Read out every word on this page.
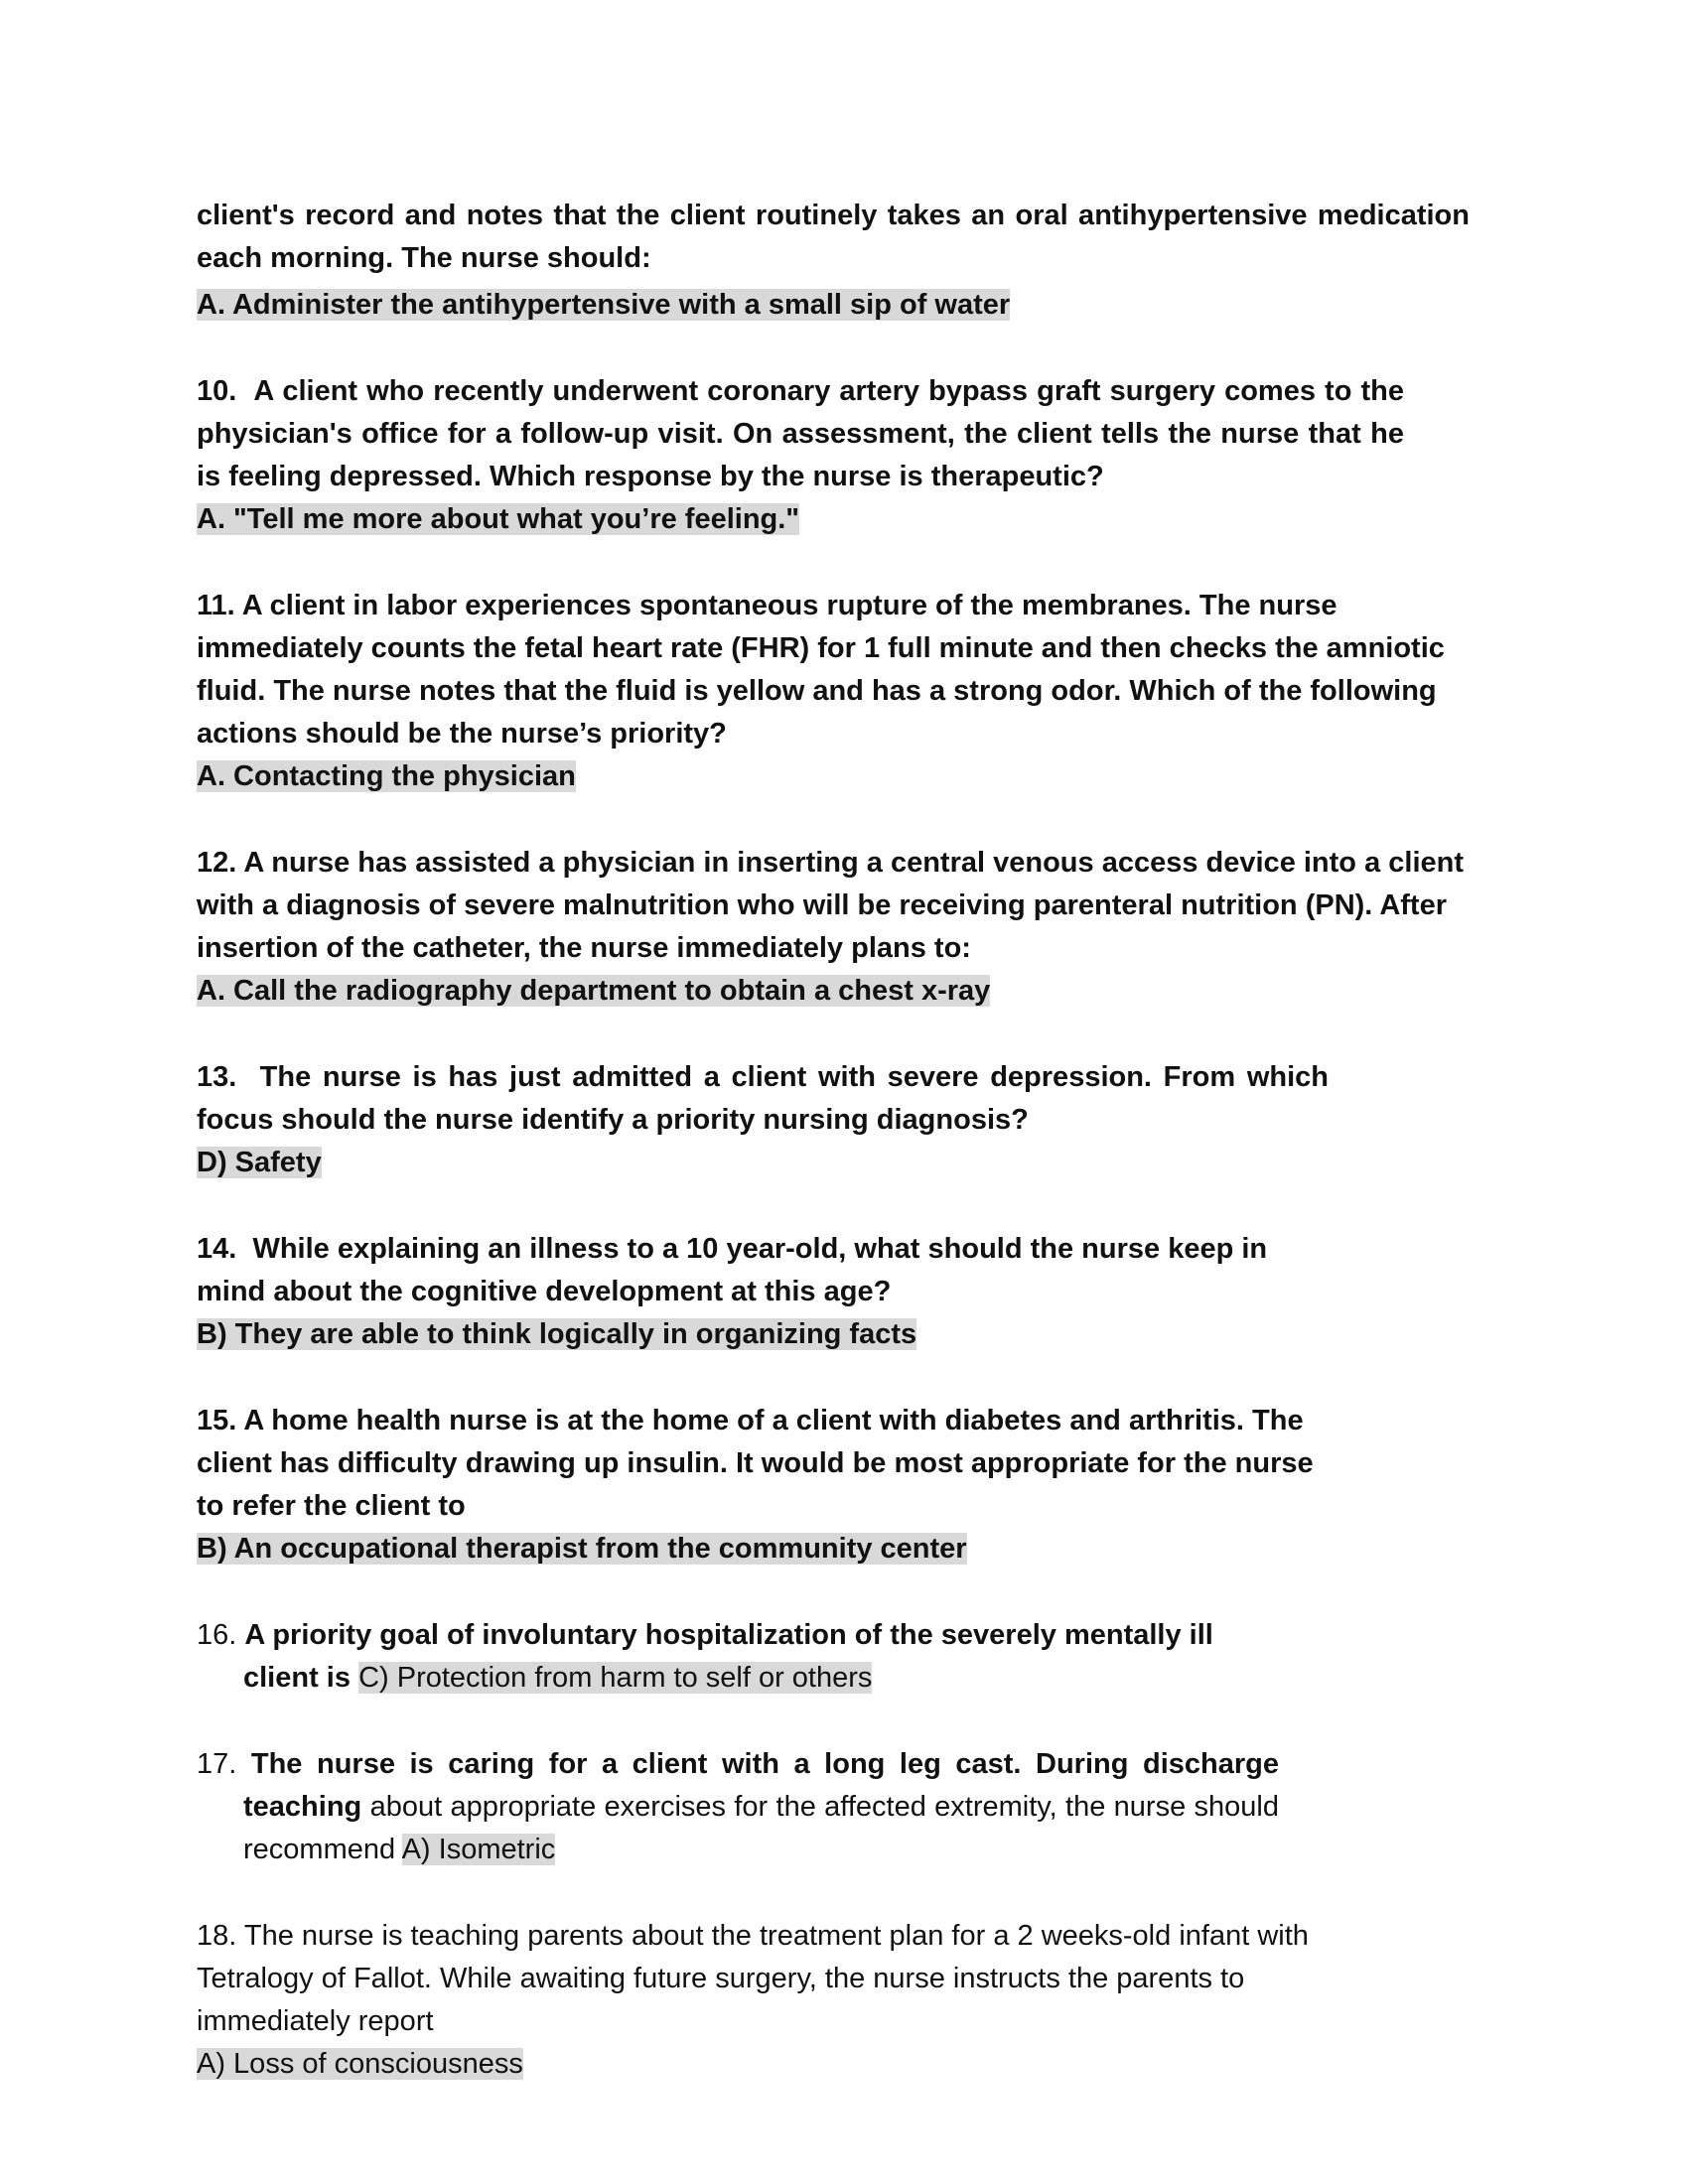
client's record and notes that the client routinely takes an oral antihypertensive medication each morning. The nurse should:

A. Administer the antihypertensive with a small sip of water

10. A client who recently underwent coronary artery bypass graft surgery comes to the physician's office for a follow-up visit. On assessment, the client tells the nurse that he is feeling depressed. Which response by the nurse is therapeutic?

A. "Tell me more about what you’re feeling."

11. A client in labor experiences spontaneous rupture of the membranes. The nurse immediately counts the fetal heart rate (FHR) for 1 full minute and then checks the amniotic fluid. The nurse notes that the fluid is yellow and has a strong odor. Which of the following actions should be the nurse’s priority?

A. Contacting the physician

12. A nurse has assisted a physician in inserting a central venous access device into a client with a diagnosis of severe malnutrition who will be receiving parenteral nutrition (PN). After insertion of the catheter, the nurse immediately plans to:

A. Call the radiography department to obtain a chest x-ray

13. The nurse is has just admitted a client with severe depression. From which focus should the nurse identify a priority nursing diagnosis?

D) Safety

14. While explaining an illness to a 10 year-old, what should the nurse keep in mind about the cognitive development at this age?

B) They are able to think logically in organizing facts

15. A home health nurse is at the home of a client with diabetes and arthritis. The client has difficulty drawing up insulin. It would be most appropriate for the nurse to refer the client to

B) An occupational therapist from the community center

16. A priority goal of involuntary hospitalization of the severely mentally ill client is C) Protection from harm to self or others

17. The nurse is caring for a client with a long leg cast. During discharge teaching about appropriate exercises for the affected extremity, the nurse should recommend A) Isometric

18. The nurse is teaching parents about the treatment plan for a 2 weeks-old infant with Tetralogy of Fallot. While awaiting future surgery, the nurse instructs the parents to immediately report

A) Loss of consciousness
